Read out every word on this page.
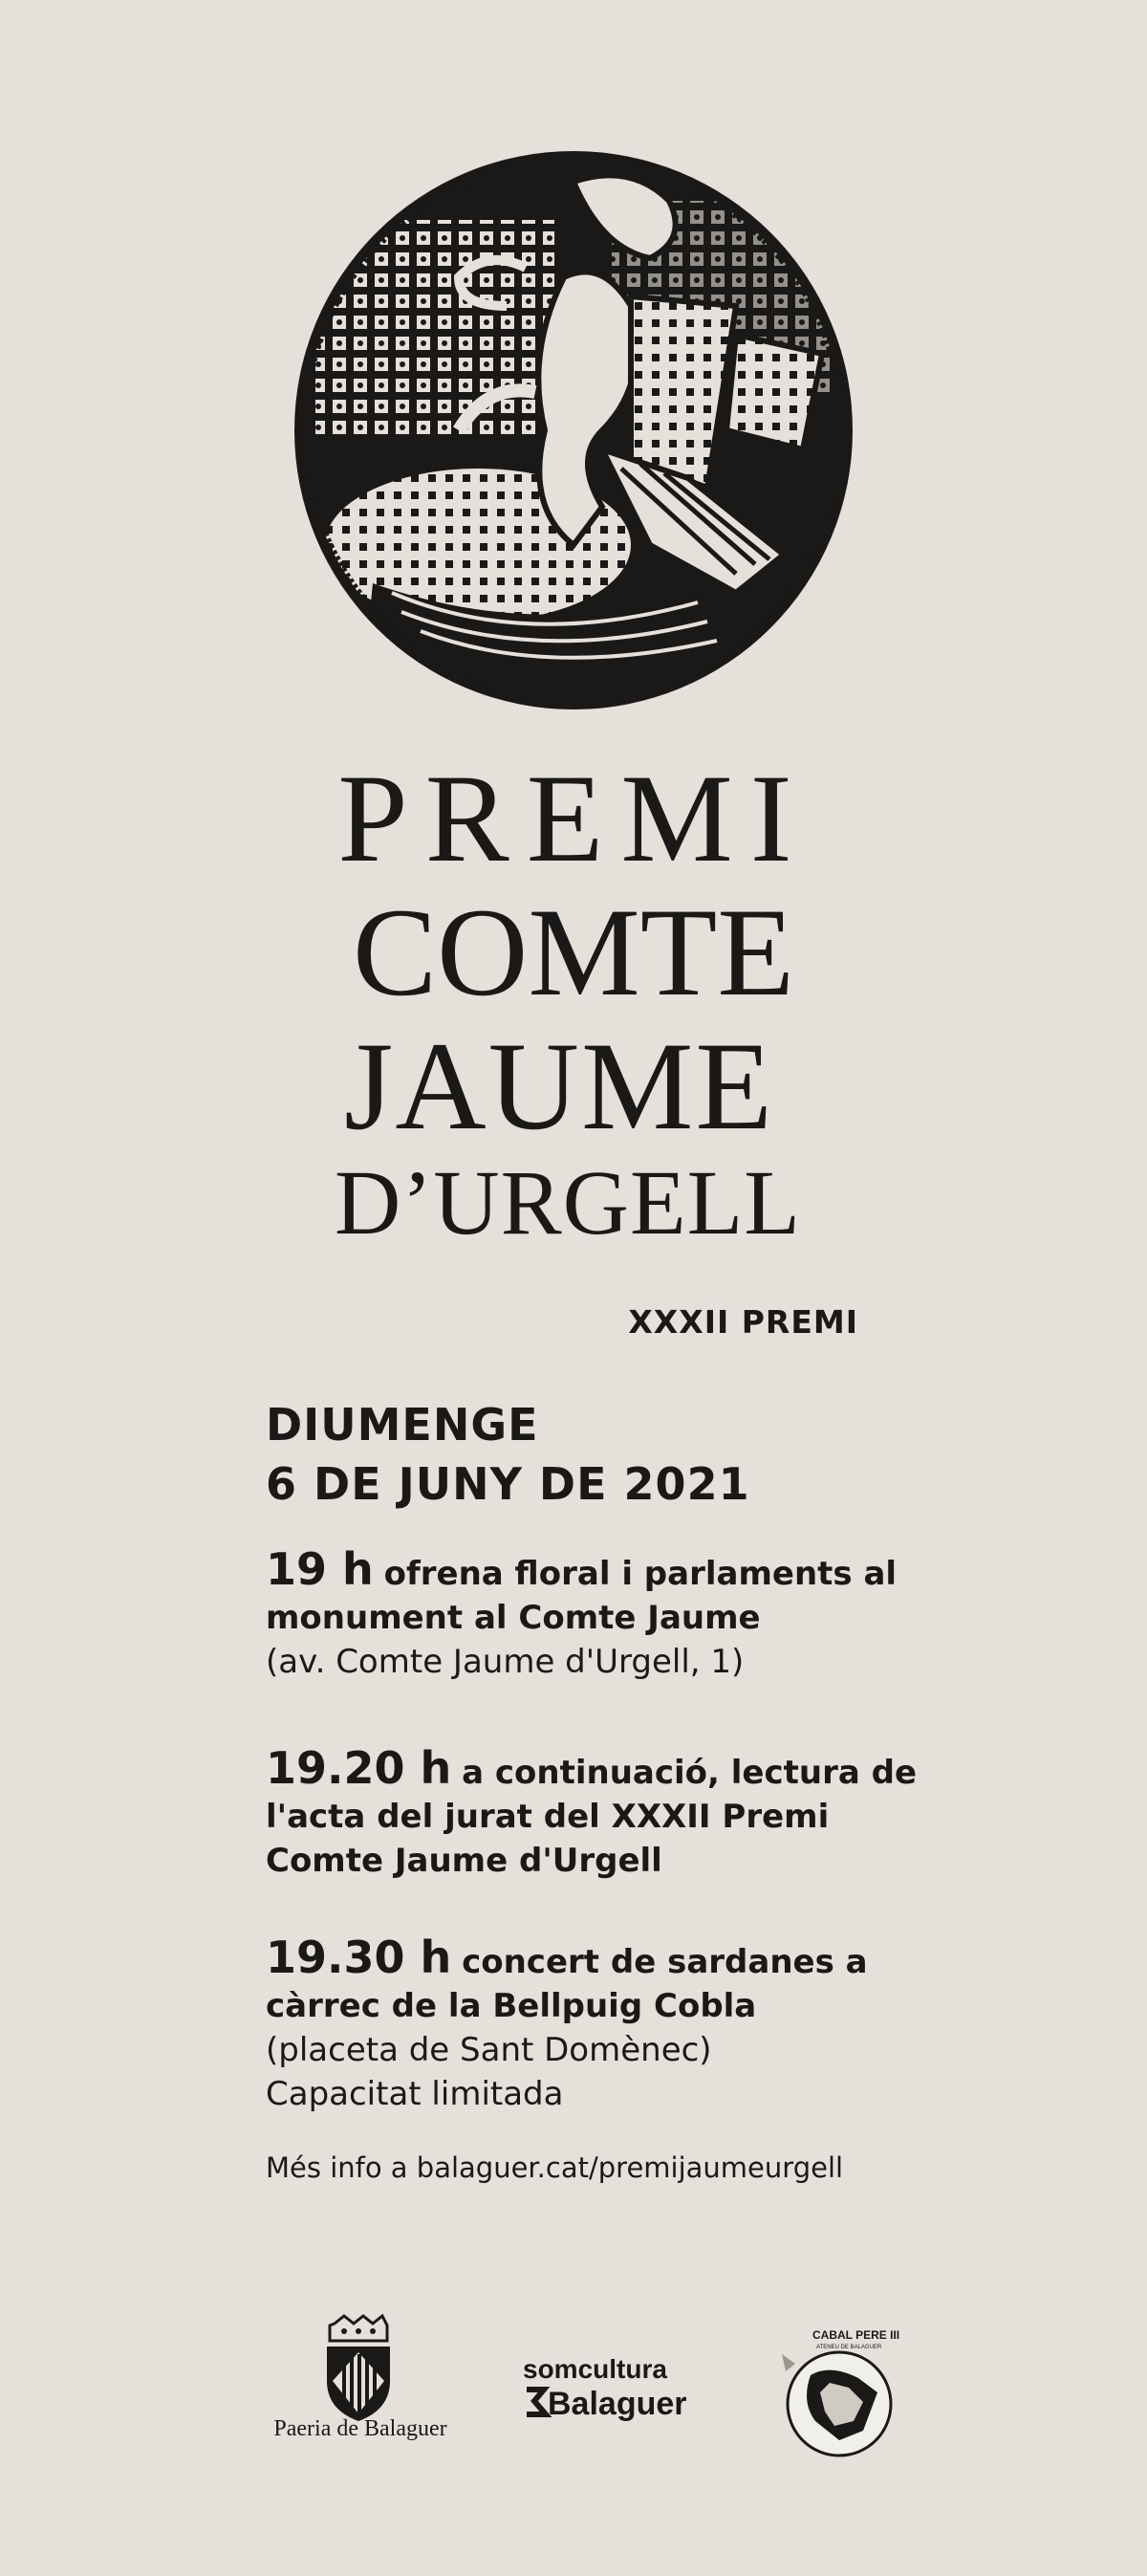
PREMI
COMTE
JAUME
D’URGELL
XXXII PREMI
DIUMENGE
6 DE JUNY DE 2021
19 h ofrena floral i parlaments al monument al Comte Jaume
(av. Comte Jaume d'Urgell, 1)
19.20 h a continuació, lectura de l'acta del jurat del XXXII Premi Comte Jaume d'Urgell
19.30 h concert de sardanes a càrrec de la Bellpuig Cobla
(placeta de Sant Domènec)
Capacitat limitada
Més info a balaguer.cat/premijaumeurgell
Paeria de Balaguer
somcultura
Balaguer
CABAL PERE III
ATENEU DE BALAGUER
